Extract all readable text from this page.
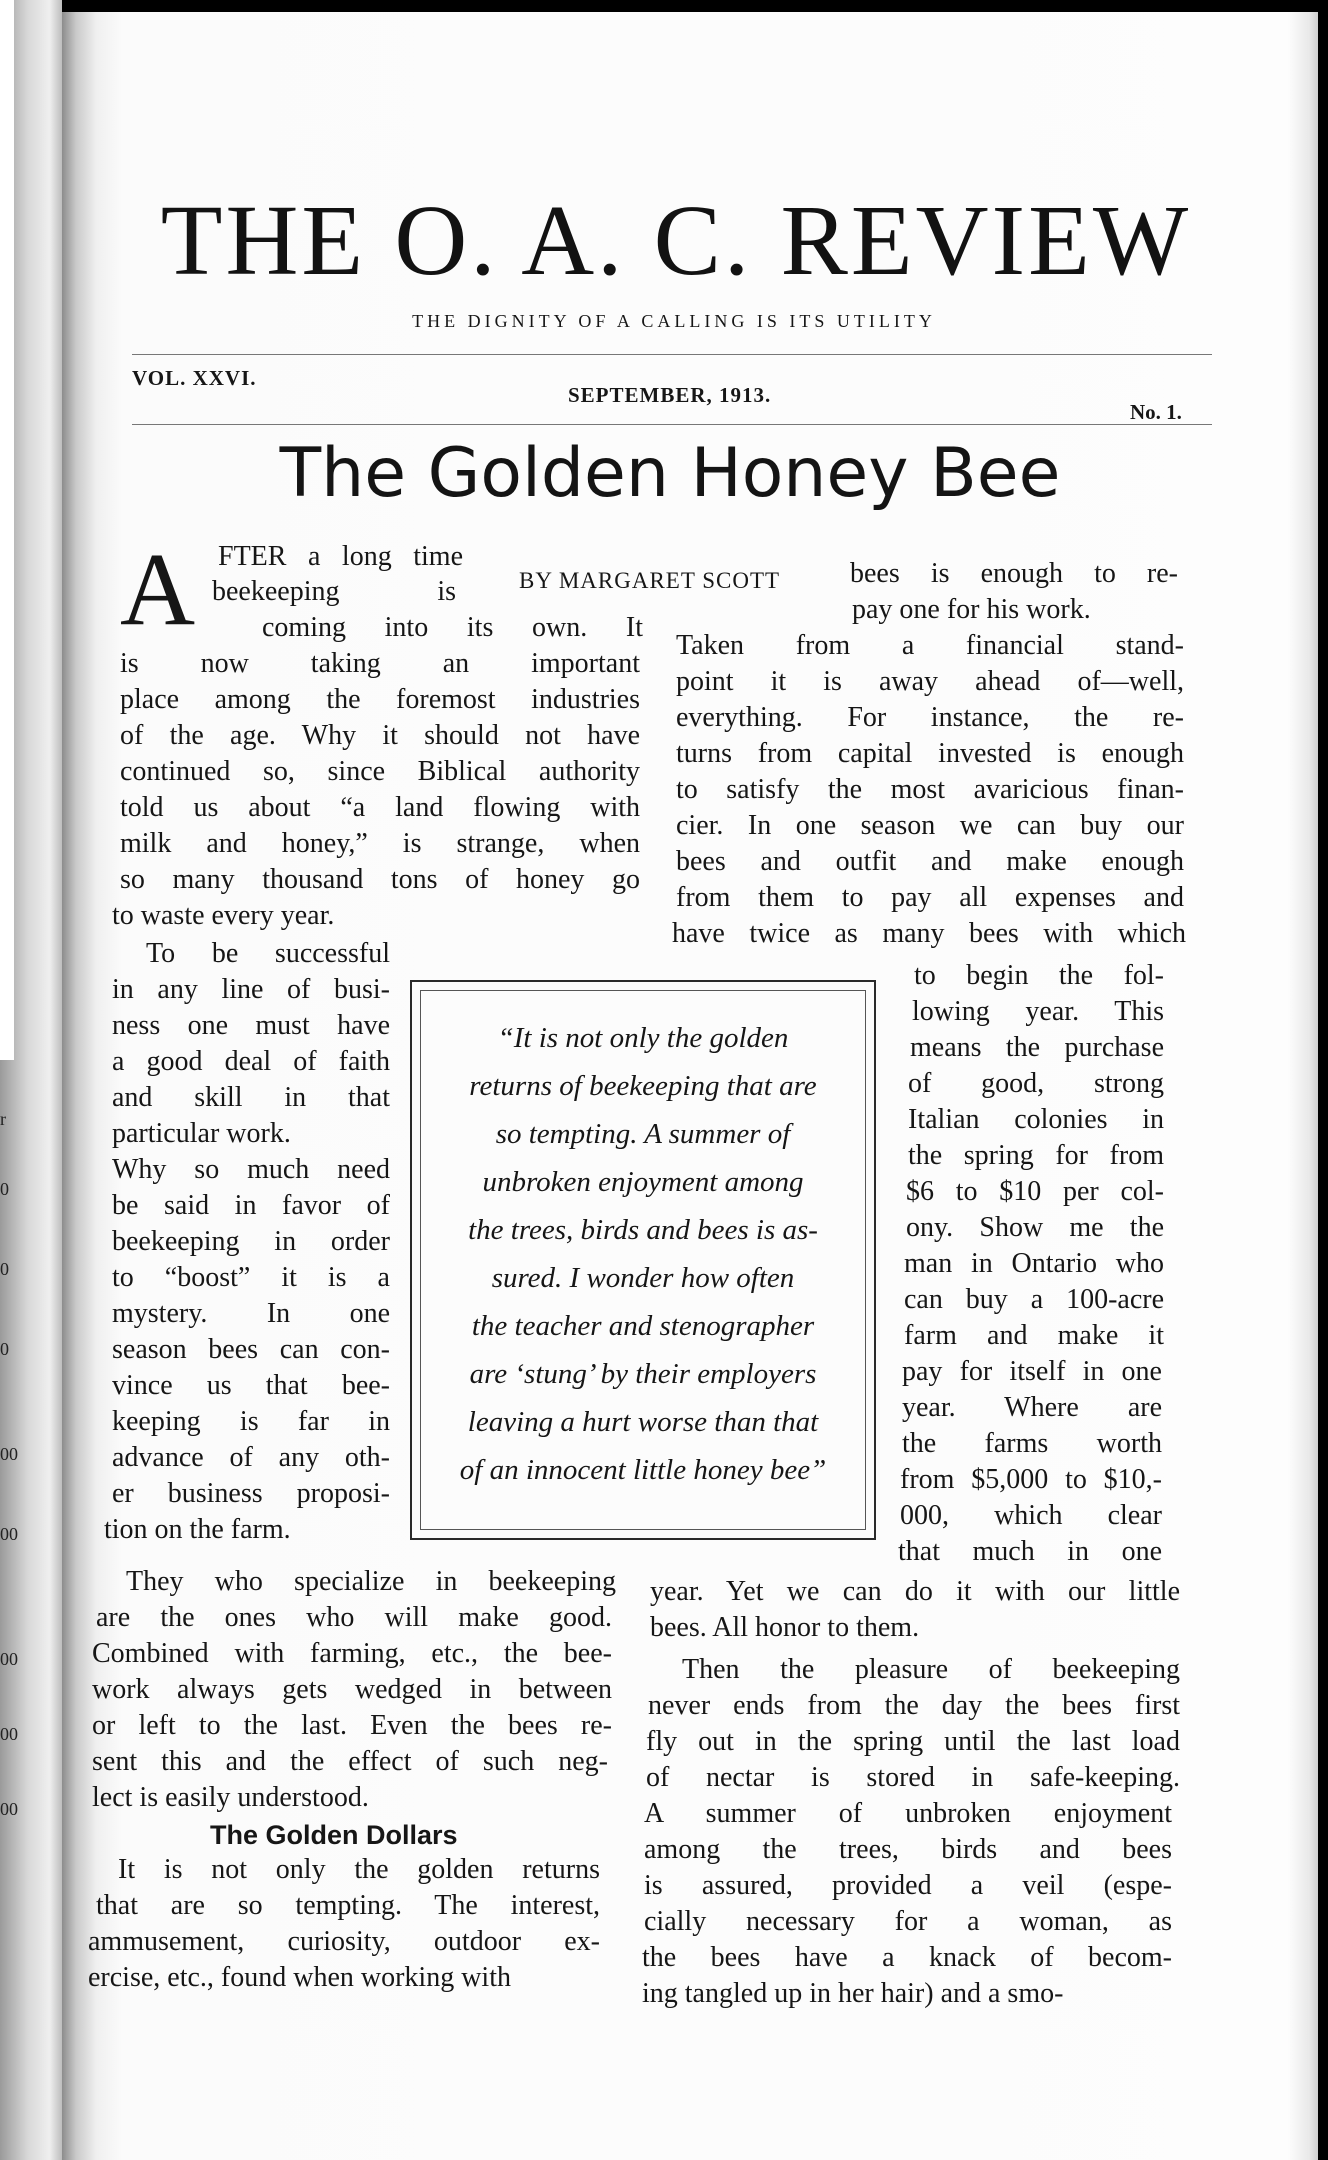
r
0
0
0
00
00
00
00
00
THE O. A. C. REVIEW
THE DIGNITY OF A CALLING IS ITS UTILITY
VOL. XXVI.
SEPTEMBER, 1913.
No. 1.
The Golden Honey Bee
A	BY MARGARET SCOTT
FTER a long time
beekeeping is
coming into its own. It
is now taking an important
place among the foremost industries
of the age. Why it should not have
continued so, since Biblical authority
told us about “a land flowing with
milk and honey,” is strange, when
so many thousand tons of honey go
to waste every year.
To be successful
in any line of busi-
ness one must have
a good deal of faith
and skill in that
particular work.
Why so much need
be said in favor of
beekeeping in order
to “boost” it is a
mystery. In one
season bees can con-
vince us that bee-
keeping is far in
advance of any oth-
er business proposi-
tion on the farm.
They who specialize in beekeeping
are the ones who will make good.
Combined with farming, etc., the bee-
work always gets wedged in between
or left to the last. Even the bees re-
sent this and the effect of such neg-
lect is easily understood.
It is not only the golden returns
that are so tempting. The interest,
ammusement, curiosity, outdoor ex-
ercise, etc., found when working with
The Golden Dollars
bees is enough to re-
pay one for his work.
Taken from a financial stand-
point it is away ahead of—well,
everything. For instance, the re-
turns from capital invested is enough
to satisfy the most avaricious finan-
cier. In one season we can buy our
bees and outfit and make enough
from them to pay all expenses and
have twice as many bees with which
to begin the fol-
lowing year. This
means the purchase
of good, strong
Italian colonies in
the spring for from
$6 to $10 per col-
ony. Show me the
man in Ontario who
can buy a 100-acre
farm and make it
pay for itself in one
year. Where are
the farms worth
from $5,000 to $10,-
000, which clear
that much in one
year. Yet we can do it with our little
bees. All honor to them.
Then the pleasure of beekeeping
never ends from the day the bees first
fly out in the spring until the last load
of nectar is stored in safe-keeping.
A summer of unbroken enjoyment
among the trees, birds and bees
is assured, provided a veil (espe-
cially necessary for a woman, as
the bees have a knack of becom-
ing tangled up in her hair) and a smo-
“It is not only the golden
returns of beekeeping that are
so tempting. A summer of
unbroken enjoyment among
the trees, birds and bees is as-
sured. I wonder how often
the teacher and stenographer
are ‘stung’ by their employers
leaving a hurt worse than that
of an innocent little honey bee”
